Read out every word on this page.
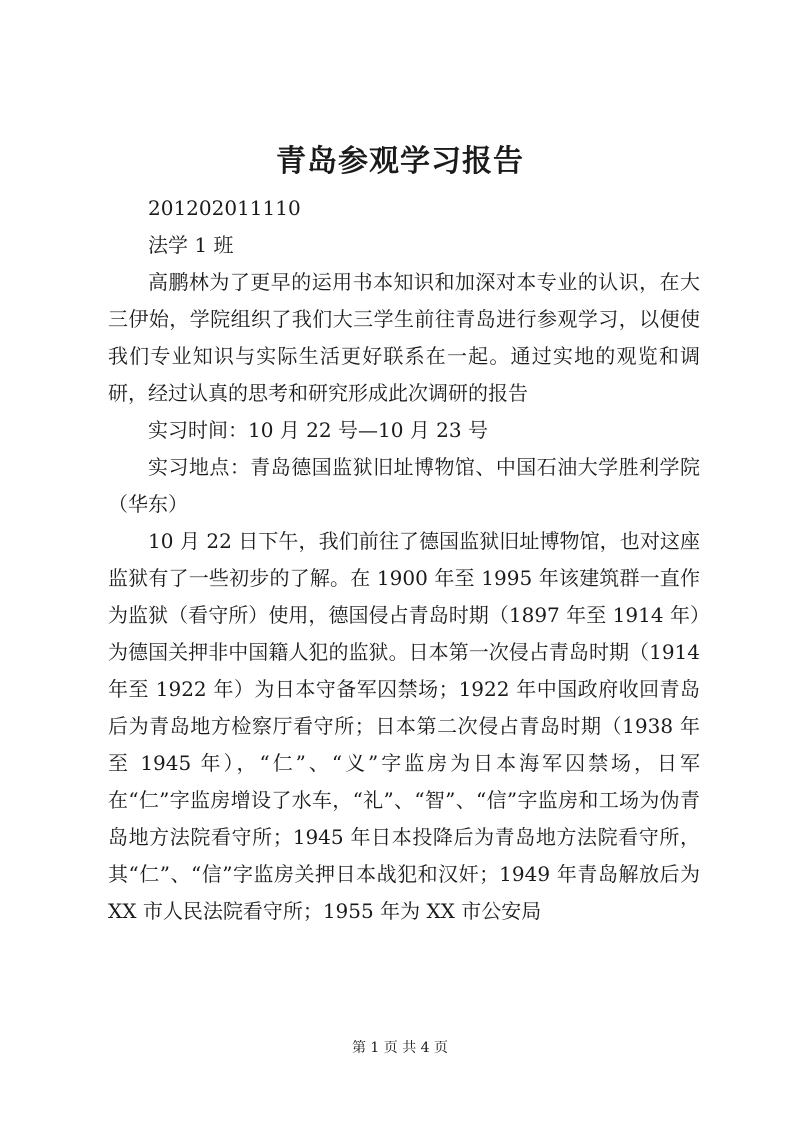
青岛参观学习报告

201202011110

法学 1 班

高鹏林为了更早的运用书本知识和加深对本专业的认识，在大三伊始，学院组织了我们大三学生前往青岛进行参观学习，以便使我们专业知识与实际生活更好联系在一起。通过实地的观览和调研，经过认真的思考和研究形成此次调研的报告

实习时间：10 月 22 号—10 月 23 号

实习地点：青岛德国监狱旧址博物馆、中国石油大学胜利学院（华东）

10 月 22 日下午，我们前往了德国监狱旧址博物馆，也对这座监狱有了一些初步的了解。在 1900 年至 1995 年该建筑群一直作为监狱（看守所）使用，德国侵占青岛时期（1897 年至 1914 年）为德国关押非中国籍人犯的监狱。日本第一次侵占青岛时期（1914 年至 1922 年）为日本守备军囚禁场；1922 年中国政府收回青岛后为青岛地方检察厅看守所；日本第二次侵占青岛时期（1938 年至 1945 年），“仁”、“义”字监房为日本海军囚禁场，日军在“仁”字监房增设了水车，“礼”、“智”、“信”字监房和工场为伪青岛地方法院看守所；1945 年日本投降后为青岛地方法院看守所，其“仁”、“信”字监房关押日本战犯和汉奸；1949 年青岛解放后为 XX 市人民法院看守所；1955 年为 XX 市公安局

第 1 页 共 4 页
